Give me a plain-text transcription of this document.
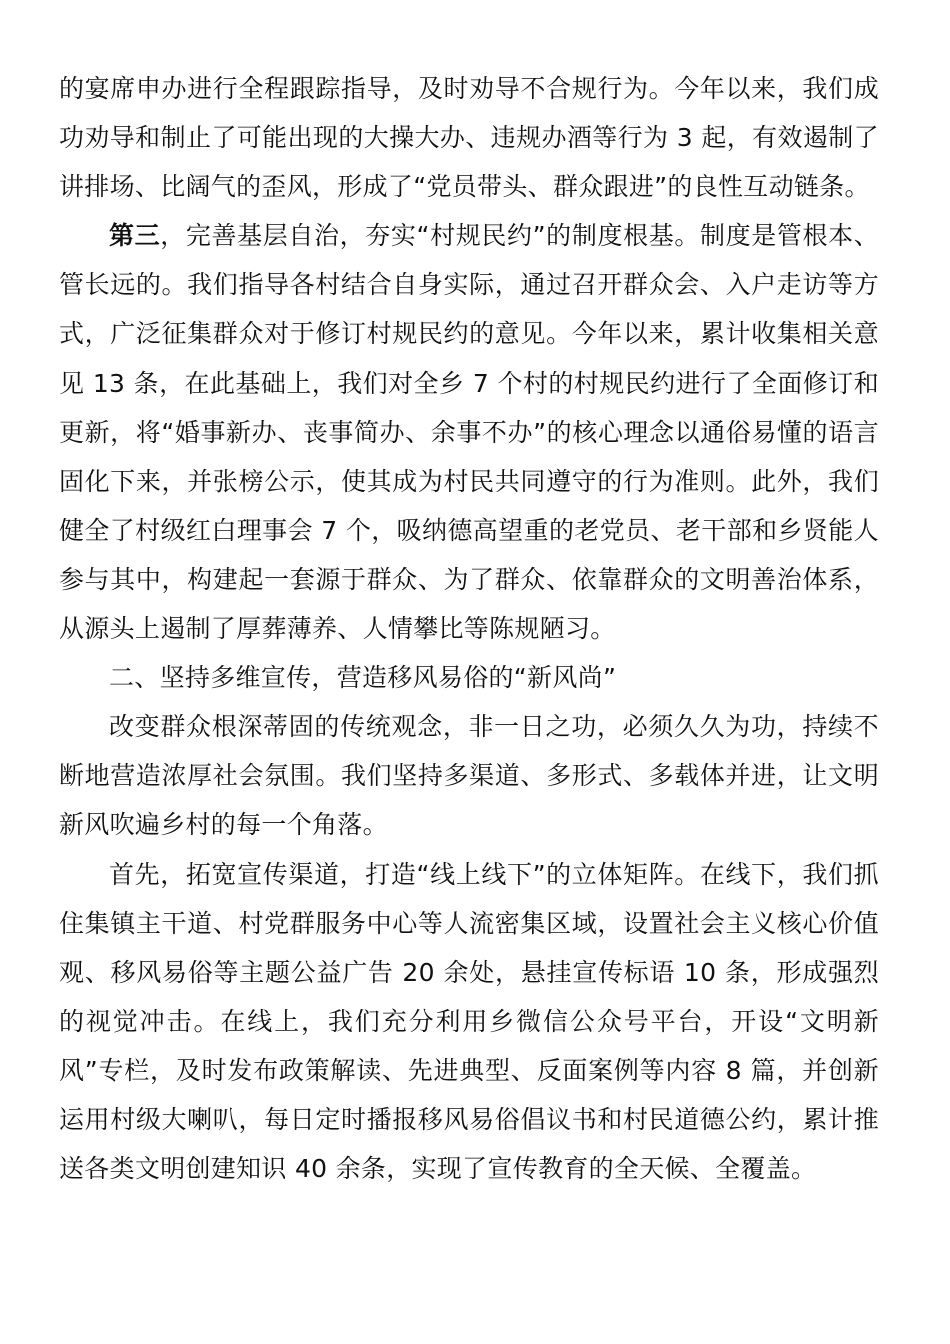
的宴席申办进行全程跟踪指导，及时劝导不合规行为。今年以来，我们成功劝导和制止了可能出现的大操大办、违规办酒等行为 3 起，有效遏制了讲排场、比阔气的歪风，形成了“党员带头、群众跟进”的良性互动链条。

第三，完善基层自治，夯实“村规民约”的制度根基。制度是管根本、管长远的。我们指导各村结合自身实际，通过召开群众会、入户走访等方式，广泛征集群众对于修订村规民约的意见。今年以来，累计收集相关意见 13 条，在此基础上，我们对全乡 7 个村的村规民约进行了全面修订和更新，将“婚事新办、丧事简办、余事不办”的核心理念以通俗易懂的语言固化下来，并张榜公示，使其成为村民共同遵守的行为准则。此外，我们健全了村级红白理事会 7 个，吸纳德高望重的老党员、老干部和乡贤能人参与其中，构建起一套源于群众、为了群众、依靠群众的文明善治体系，从源头上遏制了厚葬薄养、人情攀比等陈规陋习。

二、坚持多维宣传，营造移风易俗的“新风尚”

改变群众根深蒂固的传统观念，非一日之功，必须久久为功，持续不断地营造浓厚社会氛围。我们坚持多渠道、多形式、多载体并进，让文明新风吹遍乡村的每一个角落。

首先，拓宽宣传渠道，打造“线上线下”的立体矩阵。在线下，我们抓住集镇主干道、村党群服务中心等人流密集区域，设置社会主义核心价值观、移风易俗等主题公益广告 20 余处，悬挂宣传标语 10 条，形成强烈的视觉冲击。在线上，我们充分利用乡微信公众号平台，开设“文明新风”专栏，及时发布政策解读、先进典型、反面案例等内容 8 篇，并创新运用村级大喇叭，每日定时播报移风易俗倡议书和村民道德公约，累计推送各类文明创建知识 40 余条，实现了宣传教育的全天候、全覆盖。
